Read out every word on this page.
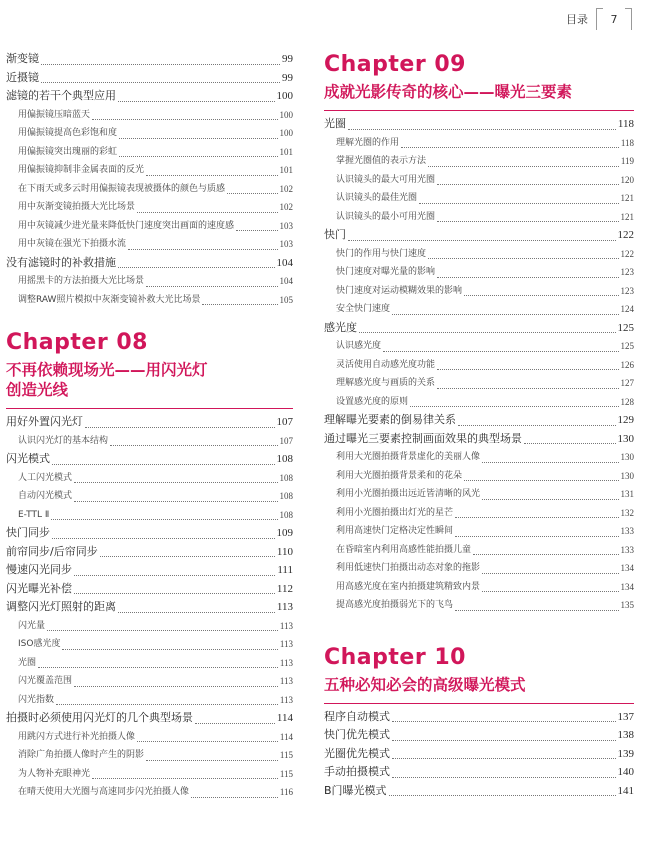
目录	7
渐变镜	99
近摄镜	99
滤镜的若干个典型应用	100
用偏振镜压暗蓝天	100
用偏振镜提高色彩饱和度	100
用偏振镜突出瑰丽的彩虹	101
用偏振镜抑制非金属表面的反光	101
在下雨天或多云时用偏振镜表现被摄体的颜色与质感	102
用中灰渐变镜拍摄大光比场景	102
用中灰镜减少进光量来降低快门速度突出画面的速度感	103
用中灰镜在强光下拍摄水流	103
没有滤镜时的补救措施	104
用摇黑卡的方法拍摄大光比场景	104
调整RAW照片模拟中灰渐变镜补救大光比场景	105
Chapter 08
不再依赖现场光——用闪光灯
创造光线
用好外置闪光灯	107
认识闪光灯的基本结构	107
闪光模式	108
人工闪光模式	108
自动闪光模式	108
E-TTL Ⅱ	108
快门同步	109
前帘同步/后帘同步	110
慢速闪光同步	111
闪光曝光补偿	112
调整闪光灯照射的距离	113
闪光量	113
ISO感光度	113
光圈	113
闪光覆盖范围	113
闪光指数	113
拍摄时必须使用闪光灯的几个典型场景	114
用跳闪方式进行补光拍摄人像	114
消除广角拍摄人像时产生的阴影	115
为人物补充眼神光	115
在晴天使用大光圈与高速同步闪光拍摄人像	116
Chapter 09
成就光影传奇的核心——曝光三要素
光圈	118
理解光圈的作用	118
掌握光圈值的表示方法	119
认识镜头的最大可用光圈	120
认识镜头的最佳光圈	121
认识镜头的最小可用光圈	121
快门	122
快门的作用与快门速度	122
快门速度对曝光量的影响	123
快门速度对运动模糊效果的影响	123
安全快门速度	124
感光度	125
认识感光度	125
灵活使用自动感光度功能	126
理解感光度与画质的关系	127
设置感光度的原则	128
理解曝光要素的倒易律关系	129
通过曝光三要素控制画面效果的典型场景	130
利用大光圈拍摄背景虚化的美丽人像	130
利用大光圈拍摄背景柔和的花朵	130
利用小光圈拍摄出远近皆清晰的风光	131
利用小光圈拍摄出灯光的星芒	132
利用高速快门定格决定性瞬间	133
在昏暗室内利用高感性能拍摄儿童	133
利用低速快门拍摄出动态对象的拖影	134
用高感光度在室内拍摄建筑精致内景	134
提高感光度拍摄弱光下的飞鸟	135
Chapter 10
五种必知必会的高级曝光模式
程序自动模式	137
快门优先模式	138
光圈优先模式	139
手动拍摄模式	140
B门曝光模式	141
